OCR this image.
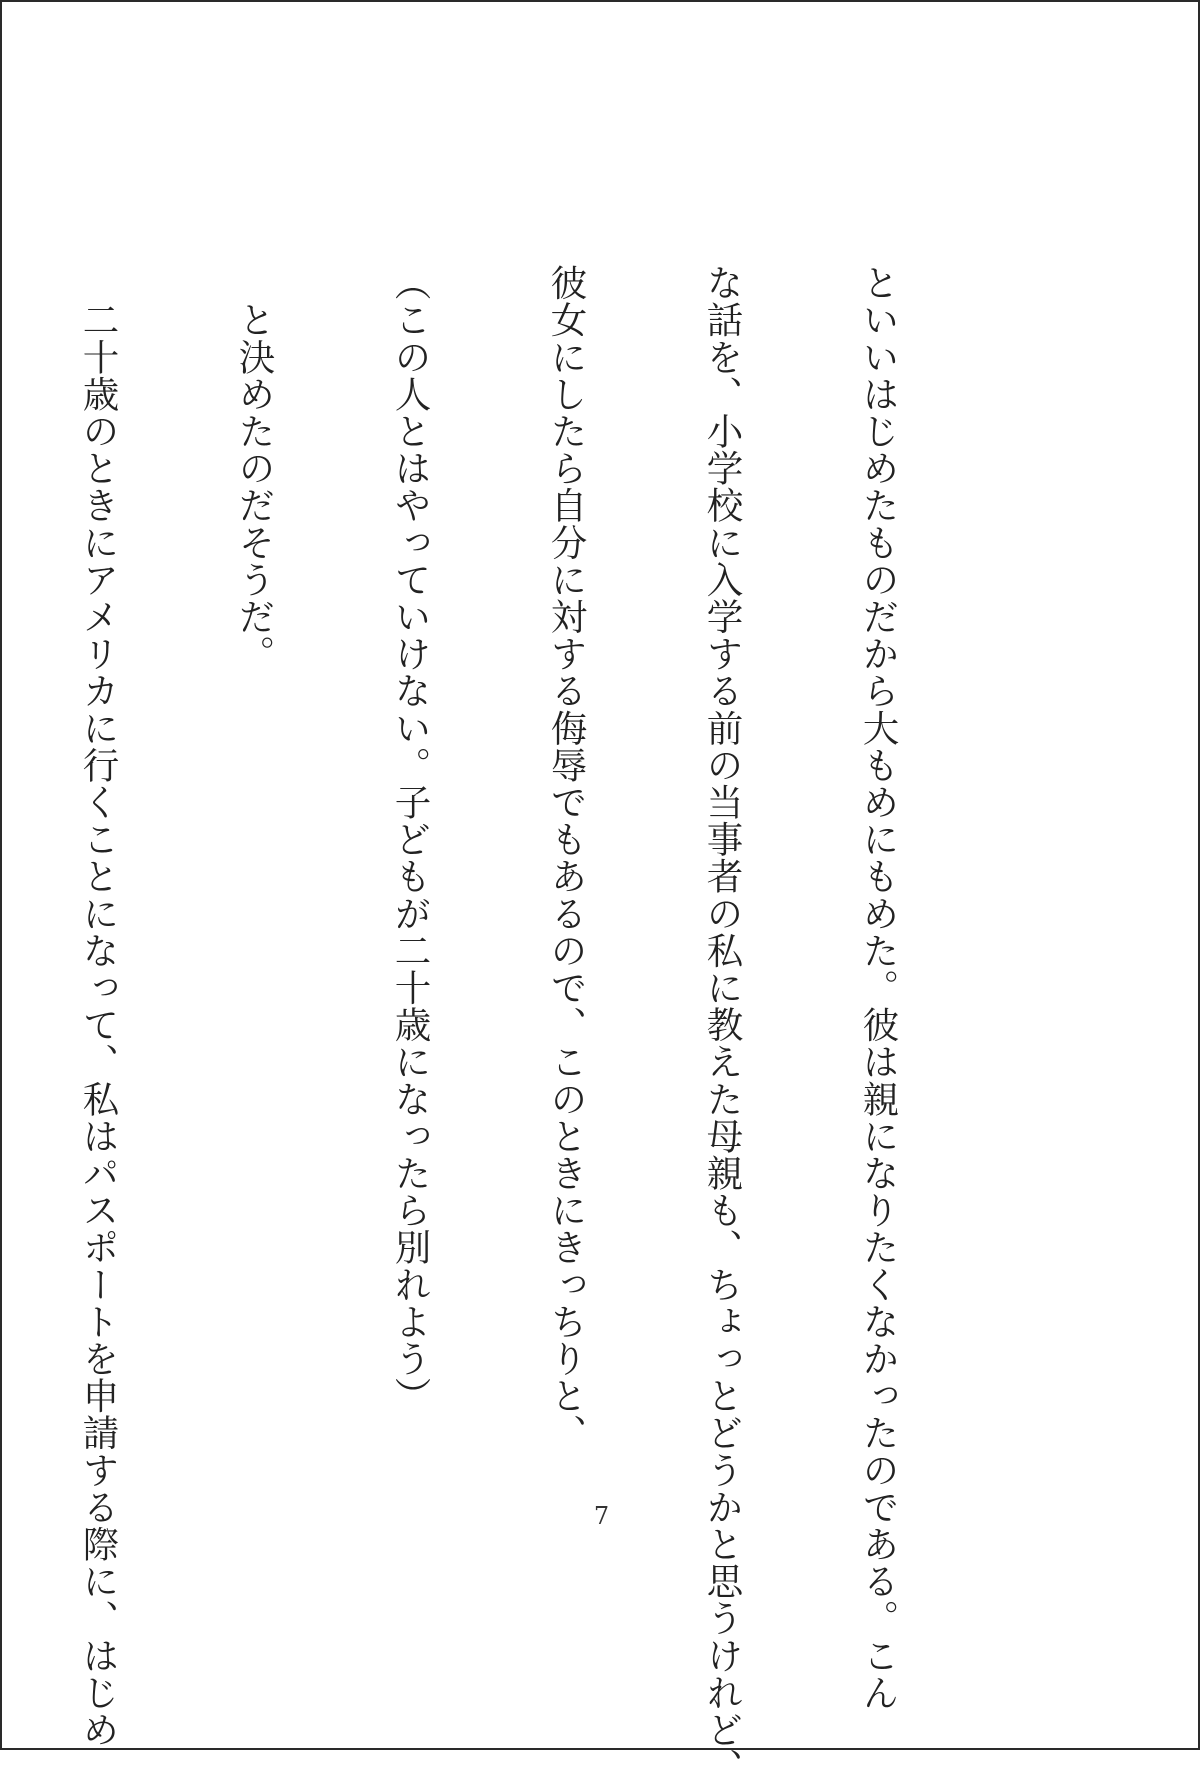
といいはじめたものだから大もめにもめた。彼は親になりたくなかったのである。こん

な話を、小学校に入学する前の当事者の私に教えた母親も、ちょっとどうかと思うけれど、

彼女にしたら自分に対する侮辱でもあるので、このときにきっちりと、

（この人とはやっていけない。子どもが二十歳になったら別れよう）

　と決めたのだそうだ。

　二十歳のときにアメリカに行くことになって、私はパスポートを申請する際に、はじめ

	7
